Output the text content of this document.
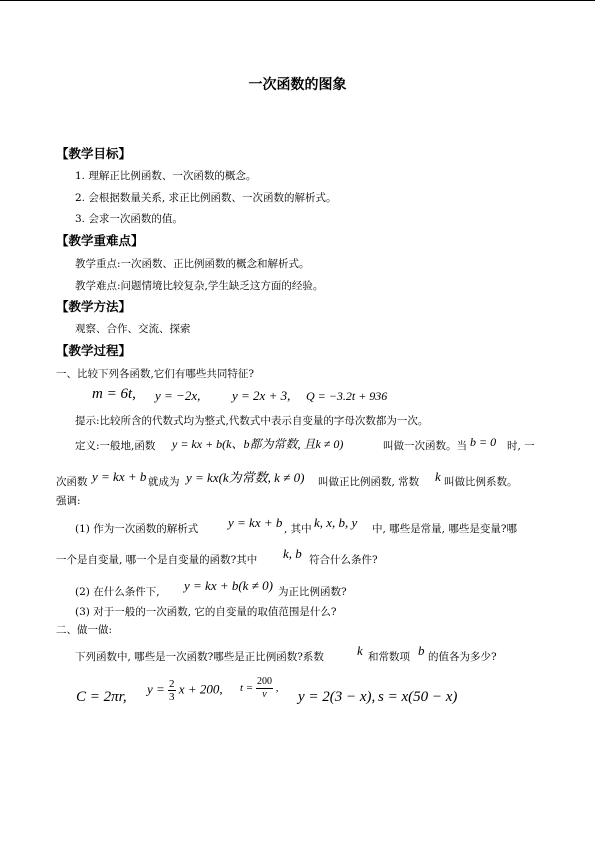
一次函数的图象
【教学目标】
1. 理解正比例函数、一次函数的概念。
2. 会根据数量关系, 求正比例函数、一次函数的解析式。
3. 会求一次函数的值。
【教学重难点】
教学重点:一次函数、正比例函数的概念和解析式。
教学难点:问题情境比较复杂,学生缺乏这方面的经验。
【教学方法】
观察、合作、交流、探索
【教学过程】
一、比较下列各函数,它们有哪些共同特征?
m = 6t, y = −2x, y = 2x + 3, Q = −3.2t + 936
提示:比较所含的代数式均为整式,代数式中表示自变量的字母次数都为一次。
定义:一般地,函数 y = kx + b(k、b都为常数, 且k ≠ 0)	叫做一次函数。当 b = 0 时, 一
次函数 y = kx + b 就成为 y = kx(k为常数, k ≠ 0) 叫做正比例函数, 常数 k 叫做比例系数。
强调:
(1) 作为一次函数的解析式 y = kx + b , 其中 k, x, b, y 中, 哪些是常量, 哪些是变量?哪
一个是自变量, 哪一个是自变量的函数?其中 k, b 符合什么条件?
(2) 在什么条件下, y = kx + b(k ≠ 0) 为正比例函数?
(3) 对于一般的一次函数, 它的自变量的取值范围是什么?
二、做一做:
下列函数中, 哪些是一次函数?哪些是正比例函数?系数	k 和常数项 b 的值各为多少?
C = 2πr,
$y = \frac{2}{3}$ x + 200, $t = \frac{200}{v}$ ,
y = 2(3 − x), s = x(50 − x)
